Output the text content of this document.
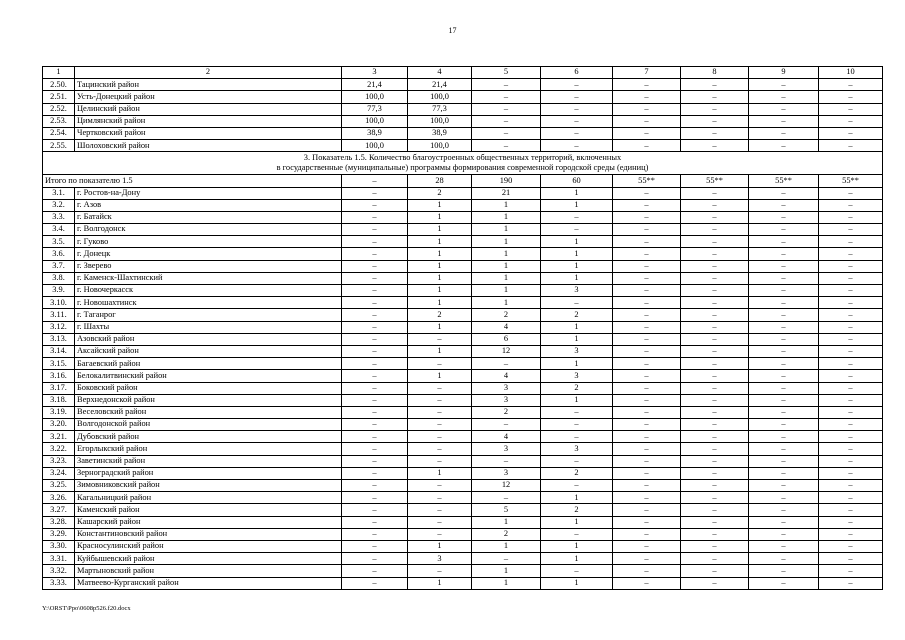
17
1	2	3	4	5	6	7	8	9	10
2.50.	Тацинский район	21,4	21,4	–	–	–	–	–	–
2.51.	Усть-Донецкий район	100,0	100,0	–	–	–	–	–	–
2.52.	Целинский район	77,3	77,3	–	–	–	–	–	–
2.53.	Цимлянский район	100,0	100,0	–	–	–	–	–	–
2.54.	Чертковский район	38,9	38,9	–	–	–	–	–	–
2.55.	Шолоховский район	100,0	100,0	–	–	–	–	–	–

3. Показатель 1.5. Количество благоустроенных общественных территорий, включенных
в государственные (муниципальные) программы формирования современной городской среды (единиц)									

Итого по показателю 1.5		–	28	190	60	55**	55**	55**	55**
3.1.	г. Ростов-на-Дону	–	2	21	1	–	–	–	–
3.2.	г. Азов	–	1	1	1	–	–	–	–
3.3.	г. Батайск	–	1	1	–	–	–	–	–
3.4.	г. Волгодонск	–	1	1	–	–	–	–	–
3.5.	г. Гуково	–	1	1	1	–	–	–	–
3.6.	г. Донецк	–	1	1	1	–	–	–	–
3.7.	г. Зверево	–	1	1	1	–	–	–	–
3.8.	г. Каменск-Шахтинский	–	1	1	1	–	–	–	–
3.9.	г. Новочеркасск	–	1	1	3	–	–	–	–
3.10.	г. Новошахтинск	–	1	1	–	–	–	–	–
3.11.	г. Таганрог	–	2	2	2	–	–	–	–
3.12.	г. Шахты	–	1	4	1	–	–	–	–
3.13.	Азовский район	–	–	6	1	–	–	–	–
3.14.	Аксайский район	–	1	12	3	–	–	–	–
3.15.	Багаевский район	–	–	–	1	–	–	–	–
3.16.	Белокалитвинский район	–	1	4	3	–	–	–	–
3.17.	Боковский район	–	–	3	2	–	–	–	–
3.18.	Верхнедонской район	–	–	3	1	–	–	–	–
3.19.	Веселовский район	–	–	2	–	–	–	–	–
3.20.	Волгодонской район	–	–	–	–	–	–	–	–
3.21.	Дубовский район	–	–	4	–	–	–	–	–
3.22.	Егорлыкский район	–	–	3	3	–	–	–	–
3.23.	Заветинский район	–	–	–	–	–	–	–	–
3.24.	Зерноградский район	–	1	3	2	–	–	–	–
3.25.	Зимовниковский район	–	–	12	–	–	–	–	–
3.26.	Кагальницкий район	–	–	–	1	–	–	–	–
3.27.	Каменский район	–	–	5	2	–	–	–	–
3.28.	Кашарский район	–	–	1	1	–	–	–	–
3.29.	Константиновский район	–	–	2	–	–	–	–	–
3.30.	Красносулинский район	–	1	1	1	–	–	–	–
3.31.	Куйбышевский район	–	3	–	1	–	–	–	–
3.32.	Мартыновский район	–	–	1	–	–	–	–	–
3.33.	Матвеево-Курганский район	–	1	1	1	–	–	–	–
Y:\ORST\Ppo\0608p526.f20.docx
